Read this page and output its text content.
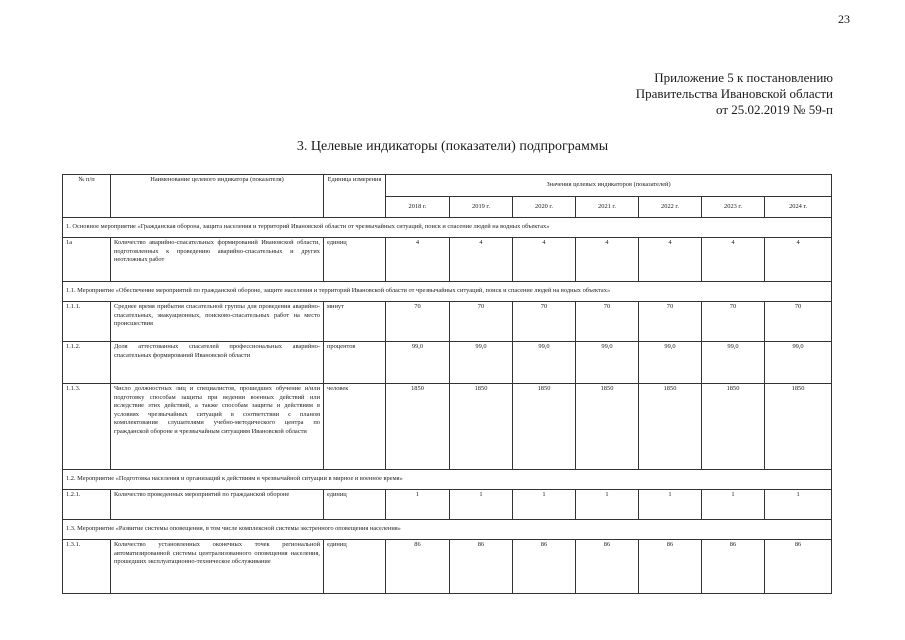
23
Приложение 5 к постановлению
Правительства Ивановской области
от 25.02.2019 № 59-п
3. Целевые индикаторы (показатели) подпрограммы
№ п/п	Наименование целевого индикатора (показателя)	Единица измерения	Значения целевых индикаторов (показателей)						
			2018 г.	2019 г.	2020 г.	2021 г.	2022 г.	2023 г.	2024 г.
1. Основное мероприятие «Гражданская оборона, защита населения и территорий Ивановской области от чрезвычайных ситуаций, поиск и спасение людей на водных объектах»									
1а	Количество аварийно-спасательных формирований Ивановской области, подготовленных к проведению аварийно-спасательных и других неотложных работ	единиц	4	4	4	4	4	4	4
1.1. Мероприятие «Обеспечение мероприятий по гражданской обороне, защите населения и территорий Ивановской области от чрезвычайных ситуаций, поиск и спасение людей на водных объектах»									
1.1.1.	Среднее время прибытия спасательной группы для проведения аварийно-спасательных, эвакуационных, поисково-спасательных работ на место происшествия	минут	70	70	70	70	70	70	70
1.1.2.	Доля аттестованных спасателей профессиональных аварийно-спасательных формирований Ивановской области	процентов	99,0	99,0	99,0	99,0	99,0	99,0	99,0
1.1.3.	Число должностных лиц и специалистов, прошедших обучение и/или подготовку способам защиты при ведении военных действий или вследствие этих действий, а также способам защиты и действиям в условиях чрезвычайных ситуаций в соответствии с планом комплектования слушателями учебно-методического центра по гражданской обороне и чрезвычайным ситуациям Ивановской области	человек	1850	1850	1850	1850	1850	1850	1850
1.2. Мероприятие «Подготовка населения и организаций к действиям в чрезвычайной ситуации в мирное и военное время»									
1.2.1.	Количество проведенных мероприятий по гражданской обороне	единиц	1	1	1	1	1	1	1
1.3. Мероприятие «Развитие системы оповещения, в том числе комплексной системы экстренного оповещения населения»									
1.3.1.	Количество установленных оконечных точек региональной автоматизированной системы централизованного оповещения населения, прошедших эксплуатационно-техническое обслуживание	единиц	86	86	86	86	86	86	86
